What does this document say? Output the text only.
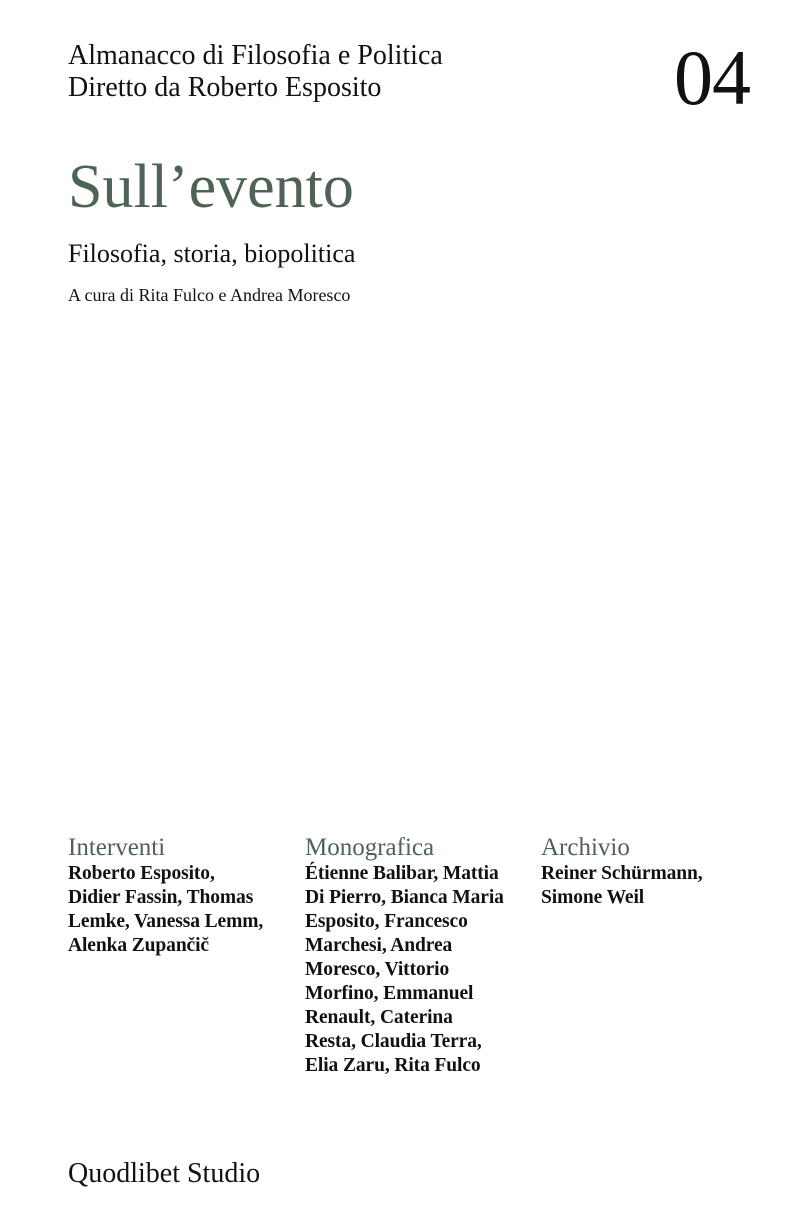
Almanacco di Filosofia e Politica
Diretto da Roberto Esposito	04
Sull’evento
Filosofia, storia, biopolitica
A cura di Rita Fulco e Andrea Moresco
Interventi
Roberto Esposito,
Didier Fassin, Thomas
Lemke, Vanessa Lemm,
Alenka Zupančič
Monografica
Étienne Balibar, Mattia
Di Pierro, Bianca Maria
Esposito, Francesco
Marchesi, Andrea
Moresco, Vittorio
Morfino, Emmanuel
Renault, Caterina
Resta, Claudia Terra,
Elia Zaru, Rita Fulco
Archivio
Reiner Schürmann,
Simone Weil
Quodlibet Studio
